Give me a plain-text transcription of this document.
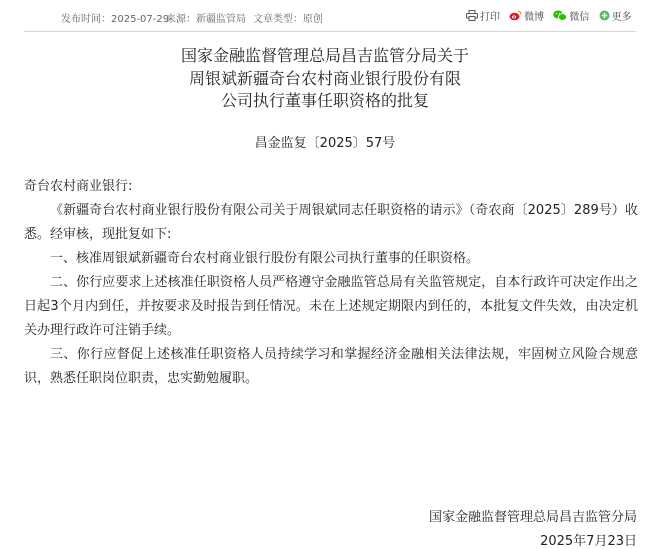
发布时间：2025-07-29
来源：新疆监管局 文章类型：原创	打印
微博
	微信
更多
国家金融监督管理总局昌吉监管分局关于
周银斌新疆奇台农村商业银行股份有限
公司执行董事任职资格的批复
昌金监复〔2025〕57号

奇台农村商业银行:

《新疆奇台农村商业银行股份有限公司关于周银斌同志任职资格的请示》（奇农商〔2025〕289号）收悉。经审核，现批复如下:

一、核准周银斌新疆奇台农村商业银行股份有限公司执行董事的任职资格。

二、你行应要求上述核准任职资格人员严格遵守金融监管总局有关监管规定，自本行政许可决定作出之日起3个月内到任，并按要求及时报告到任情况。未在上述规定期限内到任的，本批复文件失效，由决定机关办理行政许可注销手续。

三、你行应督促上述核准任职资格人员持续学习和掌握经济金融相关法律法规，牢固树立风险合规意识，熟悉任职岗位职责，忠实勤勉履职。

国家金融监督管理总局昌吉监管分局
2025年7月23日
